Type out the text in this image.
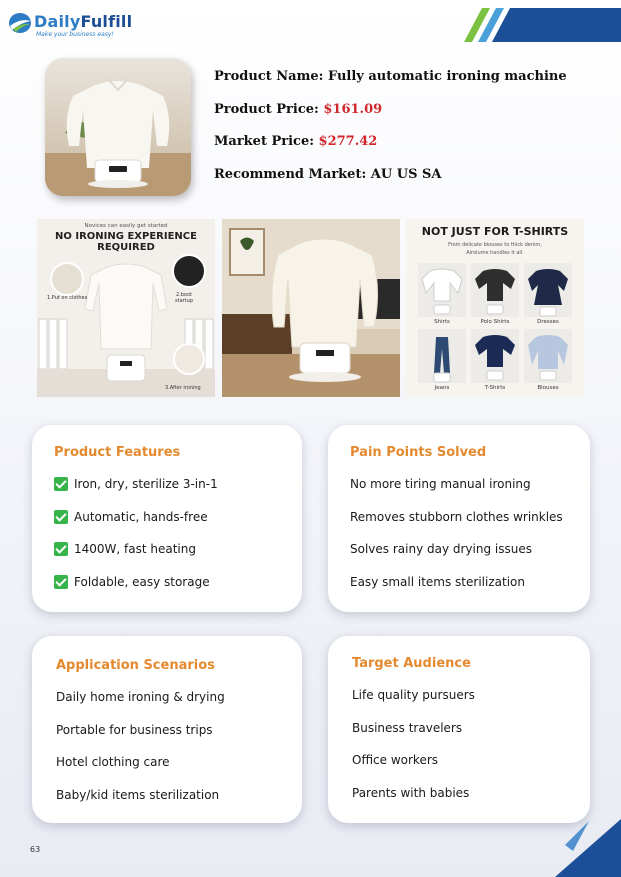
DailyFulfill
Make your business easy!
Product Name: Fully automatic ironing machine
Product Price: $161.09
Market Price: $277.42
Recommend Market: AU US SA
Novices can easily get started
NO IRONING EXPERIENCE
REQUIRED
1.Put on clothes	2.boot
startup
3.After ironing
NOT JUST FOR T-SHIRTS
From delicate blouses to thick denim,
Airolume handles it all.
Shirts	Polo Shirts	Dresses
Jeans	T-Shirts	Blouses
Product Features
Iron, dry, sterilize 3-in-1
Automatic, hands-free
1400W, fast heating
Foldable, easy storage
Pain Points Solved
No more tiring manual ironing
Removes stubborn clothes wrinkles
Solves rainy day drying issues
Easy small items sterilization
Application Scenarios
Daily home ironing & drying
Portable for business trips
Hotel clothing care
Baby/kid items sterilization
Target Audience
Life quality pursuers
Business travelers
Office workers
Parents with babies
63
